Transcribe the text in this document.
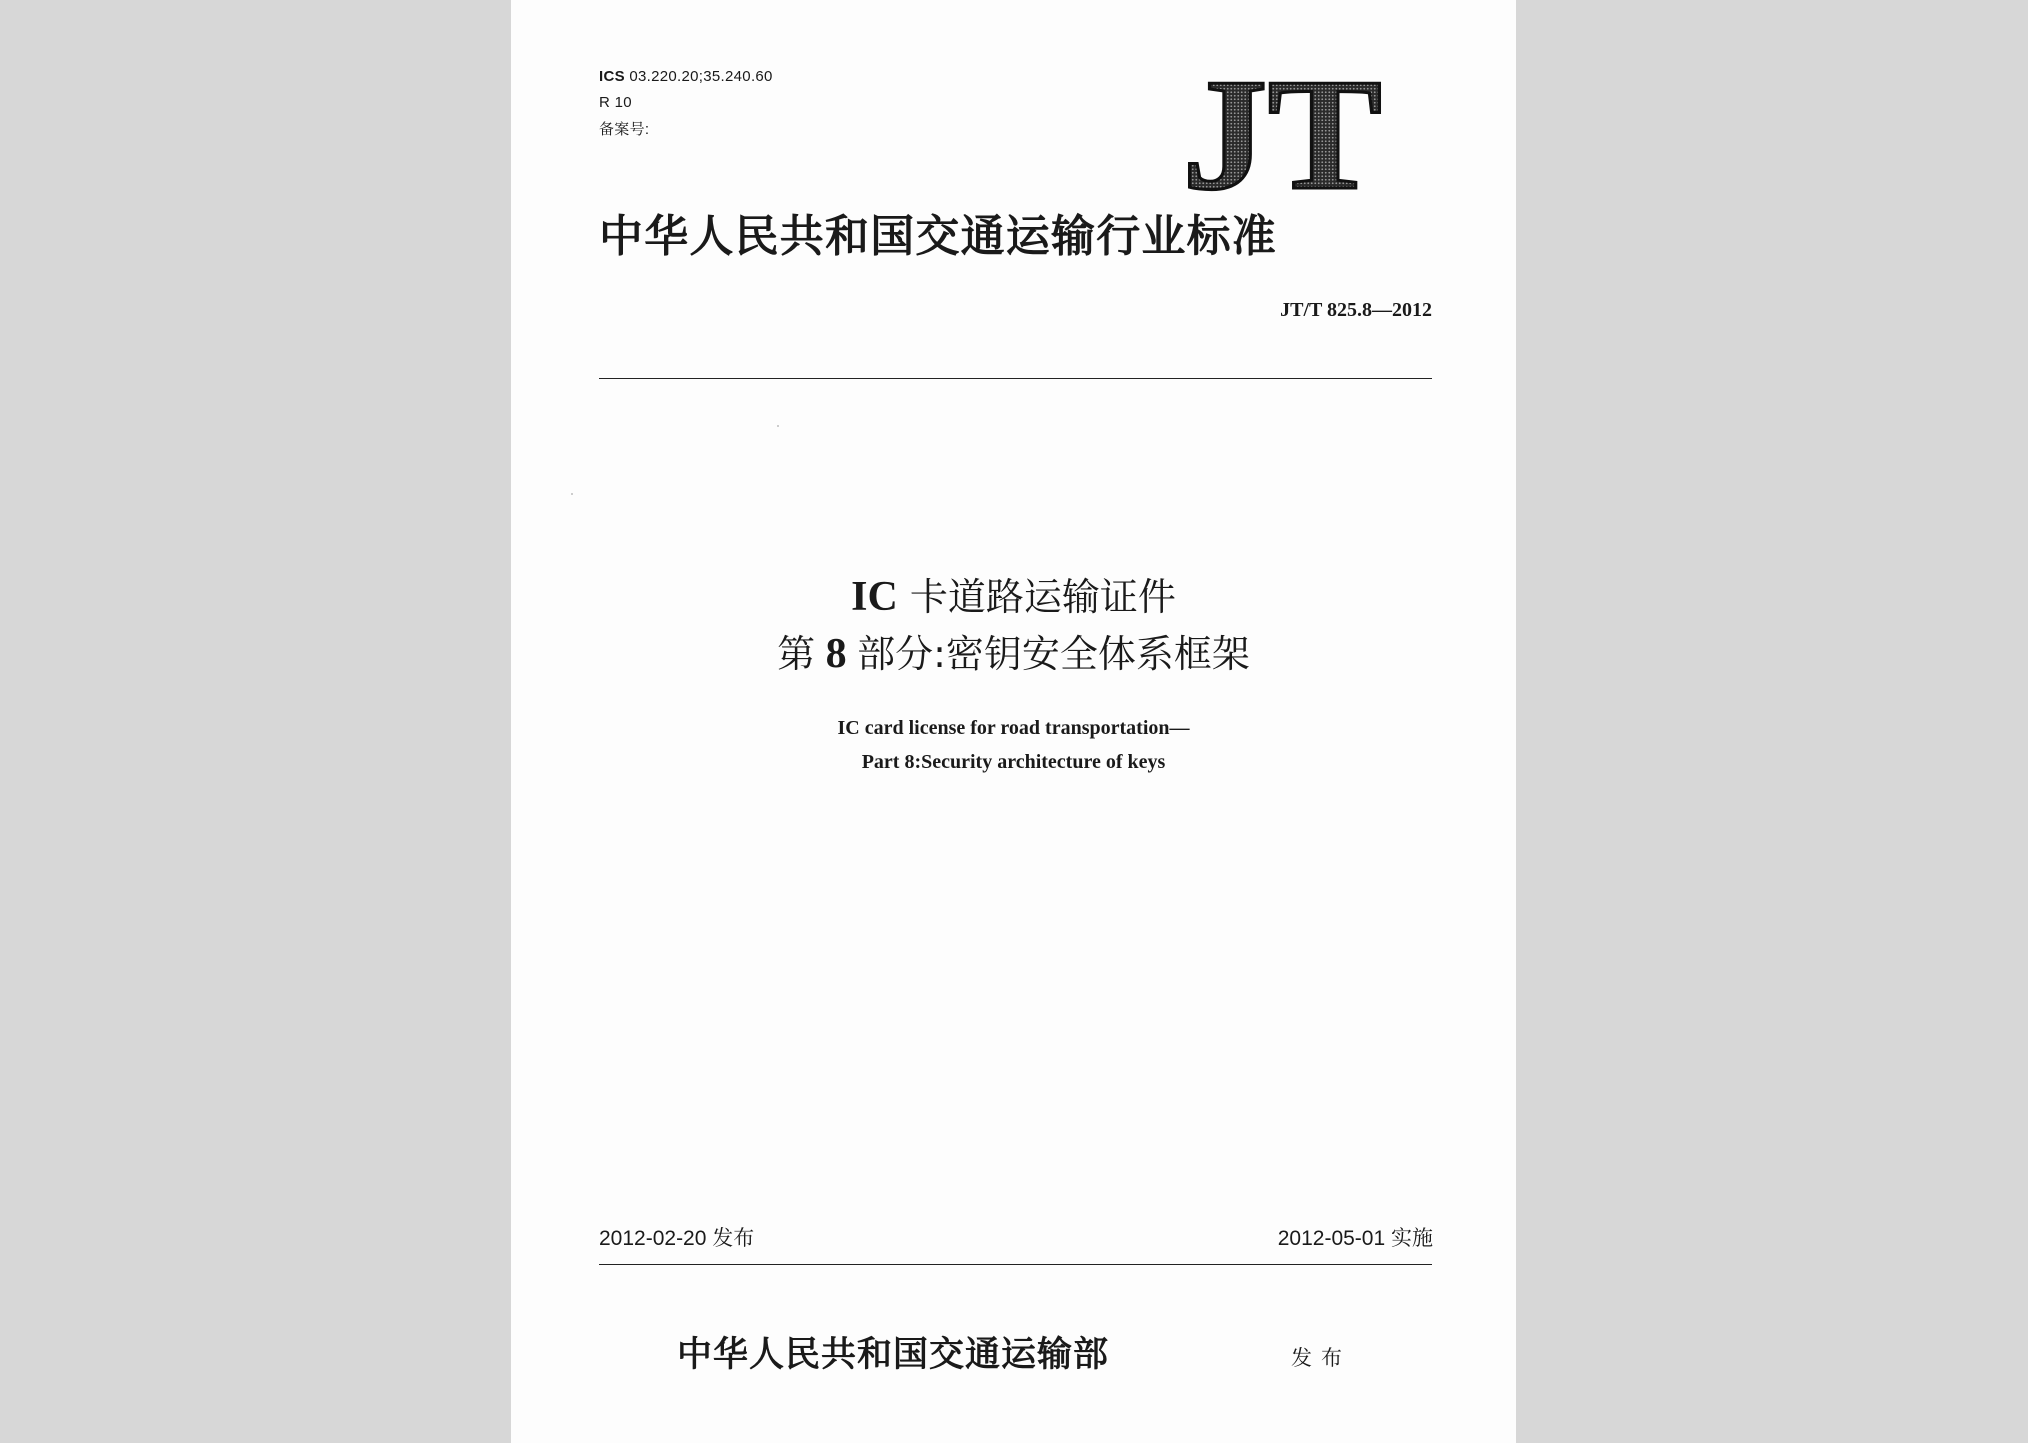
ICS 03.220.20;35.240.60
R 10
备案号:	JT
中华人民共和国交通运输行业标准
JT/T 825.8—2012
IC 卡道路运输证件
第 8 部分:密钥安全体系框架
IC card license for road transportation—
Part 8:Security architecture of keys
2012-02-20 发布	2012-05-01 实施
中华人民共和国交通运输部	发布
